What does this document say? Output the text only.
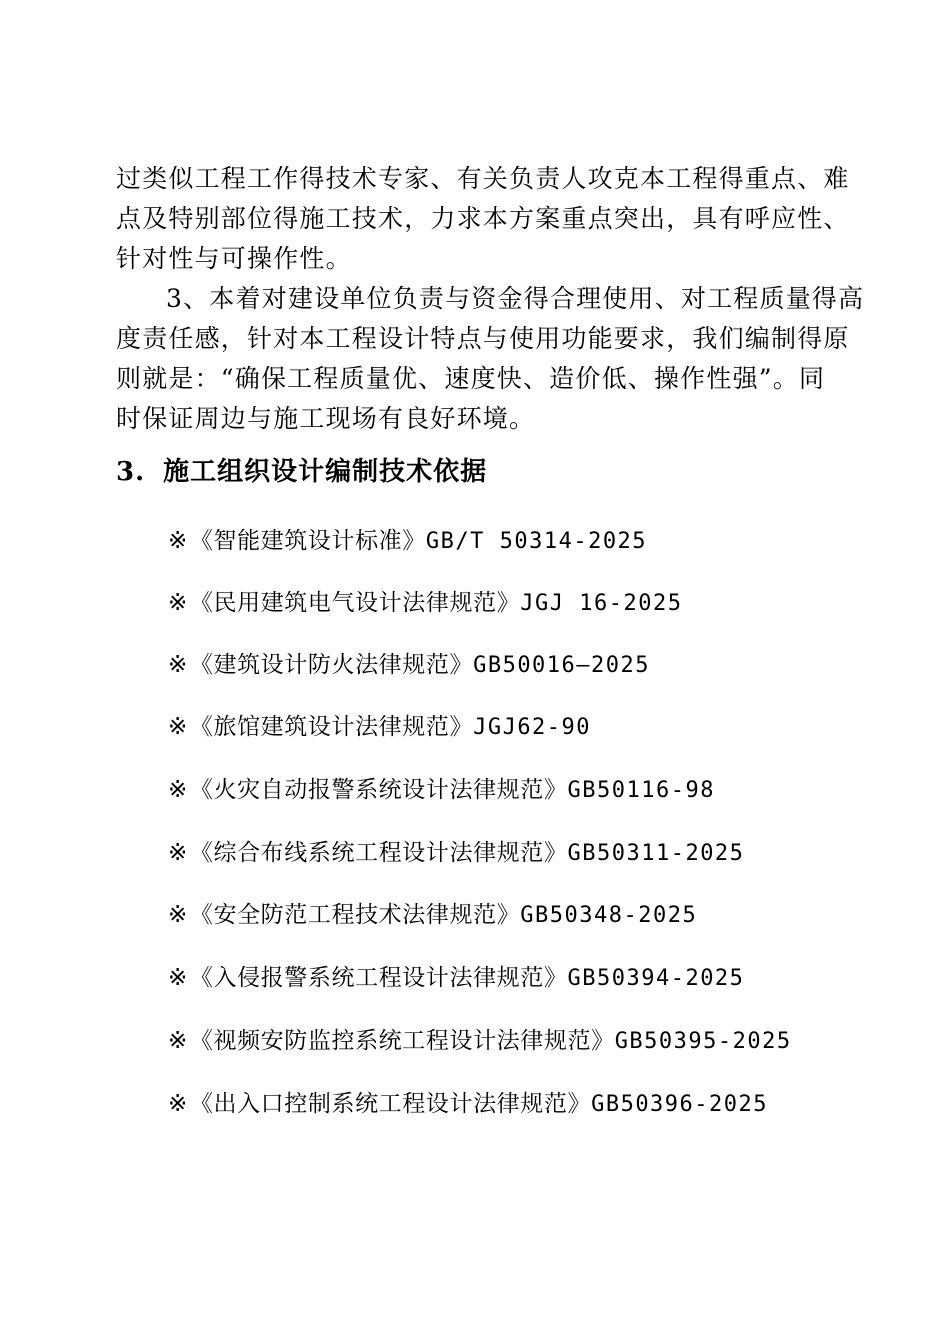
过类似工程工作得技术专家、有关负责人攻克本工程得重点、难
点及特别部位得施工技术，力求本方案重点突出，具有呼应性、
针对性与可操作性。
3、本着对建设单位负责与资金得合理使用、对工程质量得高
度责任感，针对本工程设计特点与使用功能要求，我们编制得原
则就是：“确保工程质量优、速度快、造价低、操作性强”。同
时保证周边与施工现场有良好环境。
3. 施工组织设计编制技术依据
※《智能建筑设计标准》GB/T 50314-2025
※《民用建筑电气设计法律规范》JGJ 16-2025
※《建筑设计防火法律规范》GB50016—2025
※《旅馆建筑设计法律规范》JGJ62-90
※《火灾自动报警系统设计法律规范》GB50116-98
※《综合布线系统工程设计法律规范》GB50311-2025
※《安全防范工程技术法律规范》GB50348-2025
※《入侵报警系统工程设计法律规范》GB50394-2025
※《视频安防监控系统工程设计法律规范》GB50395-2025
※《出入口控制系统工程设计法律规范》GB50396-2025
